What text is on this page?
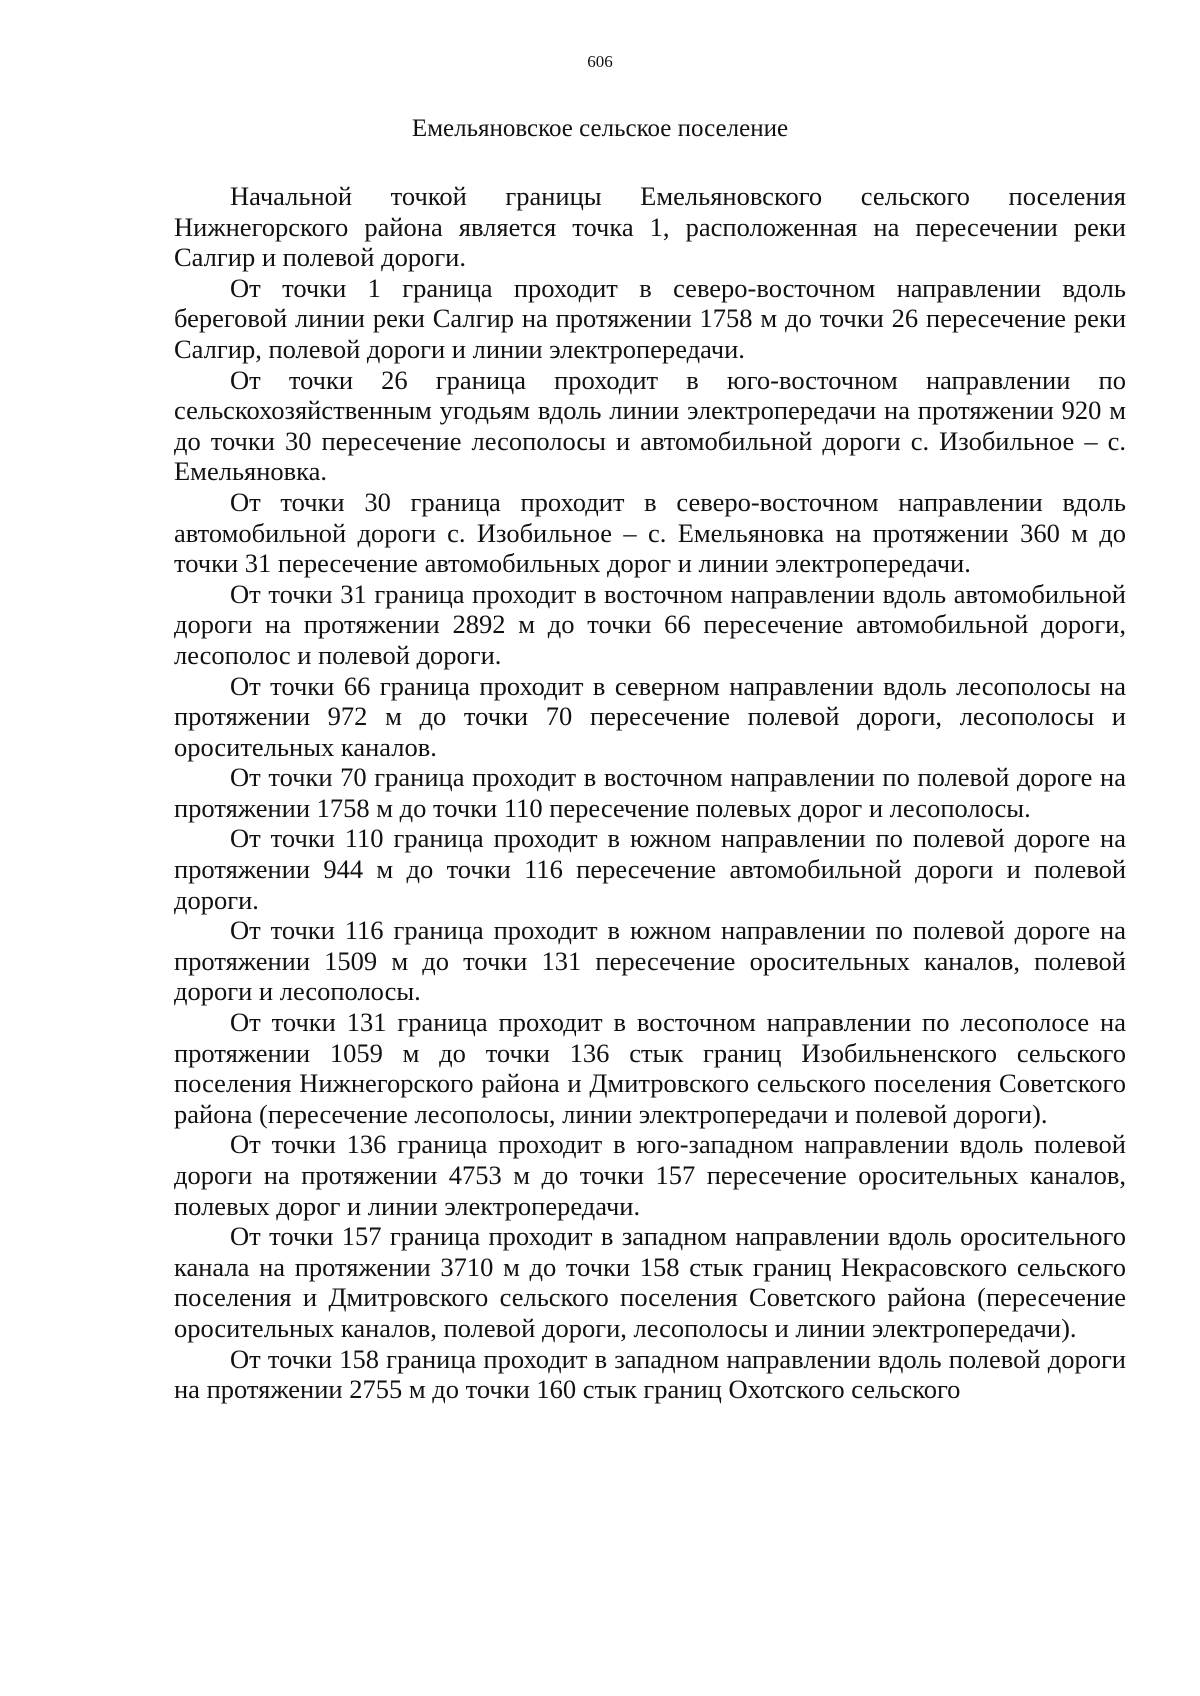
606
Емельяновское сельское поселение

Начальной точкой границы Емельяновского сельского поселения Нижнегорского района является точка 1, расположенная на пересечении реки Салгир и полевой дороги.

От точки 1 граница проходит в северо-восточном направлении вдоль береговой линии реки Салгир на протяжении 1758 м до точки 26 пересечение реки Салгир, полевой дороги и линии электропередачи.

От точки 26 граница проходит в юго-восточном направлении по сельскохозяйственным угодьям вдоль линии электропередачи на протяжении 920 м до точки 30 пересечение лесополосы и автомобильной дороги с. Изобильное – с. Емельяновка.

От точки 30 граница проходит в северо-восточном направлении вдоль автомобильной дороги с. Изобильное – с. Емельяновка на протяжении 360 м до точки 31 пересечение автомобильных дорог и линии электропередачи.

От точки 31 граница проходит в восточном направлении вдоль автомобильной дороги на протяжении 2892 м до точки 66 пересечение автомобильной дороги, лесополос и полевой дороги.

От точки 66 граница проходит в северном направлении вдоль лесополосы на протяжении 972 м до точки 70 пересечение полевой дороги, лесополосы и оросительных каналов.

От точки 70 граница проходит в восточном направлении по полевой дороге на протяжении 1758 м до точки 110 пересечение полевых дорог и лесополосы.

От точки 110 граница проходит в южном направлении по полевой дороге на протяжении 944 м до точки 116 пересечение автомобильной дороги и полевой дороги.

От точки 116 граница проходит в южном направлении по полевой дороге на протяжении 1509 м до точки 131 пересечение оросительных каналов, полевой дороги и лесополосы.

От точки 131 граница проходит в восточном направлении по лесополосе на протяжении 1059 м до точки 136 стык границ Изобильненского сельского поселения Нижнегорского района и Дмитровского сельского поселения Советского района (пересечение лесополосы, линии электропередачи и полевой дороги).

От точки 136 граница проходит в юго-западном направлении вдоль полевой дороги на протяжении 4753 м до точки 157 пересечение оросительных каналов, полевых дорог и линии электропередачи.

От точки 157 граница проходит в западном направлении вдоль оросительного канала на протяжении 3710 м до точки 158 стык границ Некрасовского сельского поселения и Дмитровского сельского поселения Советского района (пересечение оросительных каналов, полевой дороги, лесополосы и линии электропередачи).

От точки 158 граница проходит в западном направлении вдоль полевой дороги на протяжении 2755 м до точки 160 стык границ Охотского сельского
